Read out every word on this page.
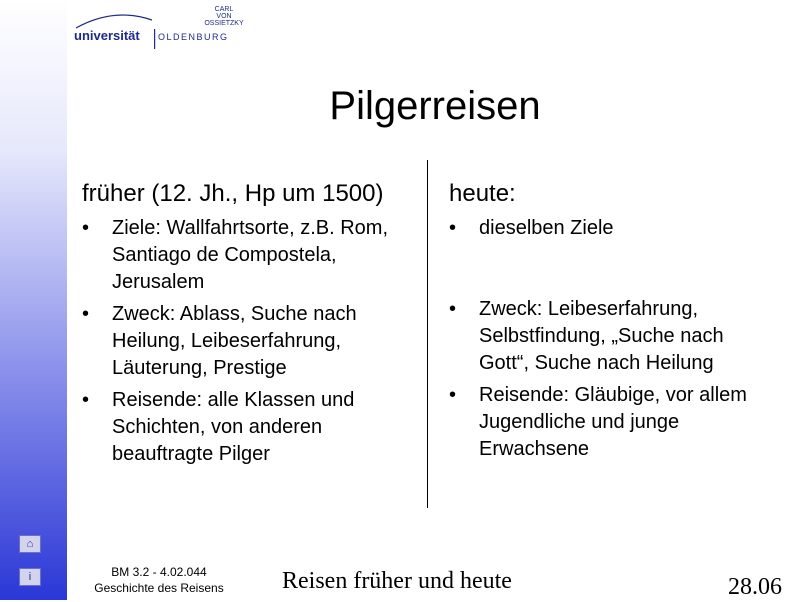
CARL
VON
OSSIETZKY
universität OLDENBURG
Pilgerreisen
früher (12. Jh., Hp um 1500)
• Ziele: Wallfahrtsorte, z.B. Rom, Santiago de Compostela, Jerusalem
• Zweck: Ablass, Suche nach Heilung, Leibeserfahrung, Läuterung, Prestige
• Reisende: alle Klassen und Schichten, von anderen beauftragte Pilger
heute:
• dieselben Ziele
• Zweck: Leibeserfahrung, Selbstfindung, „Suche nach Gott“, Suche nach Heilung
• Reisende: Gläubige, vor allem Jugendliche und junge Erwachsene
⌂
i	BM 3.2 - 4.02.044
Geschichte des Reisens	Reisen früher und heute	28.06
